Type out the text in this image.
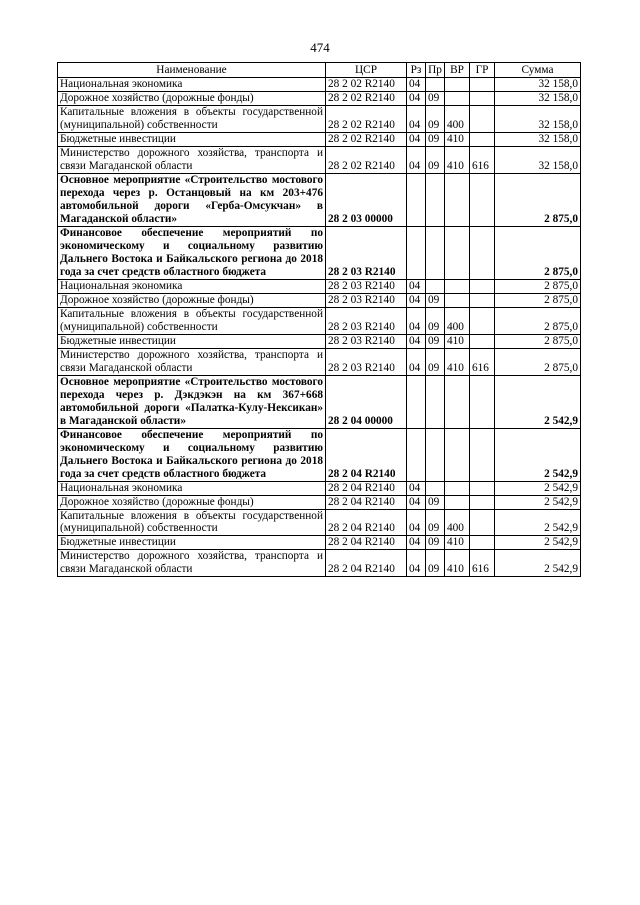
474
Наименование	ЦСР	Рз	Пр	ВР	ГР	Сумма
Национальная экономика	28 2 02 R2140	04				32 158,0
Дорожное хозяйство (дорожные фонды)	28 2 02 R2140	04	09			32 158,0
Капитальные вложения в объекты государственной (муниципальной) собственности	28 2 02 R2140	04	09	400		32 158,0
Бюджетные инвестиции	28 2 02 R2140	04	09	410		32 158,0
Министерство дорожного хозяйства, транспорта и связи Магаданской области	28 2 02 R2140	04	09	410	616	32 158,0
Основное мероприятие «Строительство мостового перехода через р. Останцовый на км 203+476 автомобильной дороги «Герба-Омсукчан» в Магаданской области»	28 2 03 00000					2 875,0
Финансовое обеспечение мероприятий по экономическому и социальному развитию Дальнего Востока и Байкальского региона до 2018 года за счет средств областного бюджета	28 2 03 R2140					2 875,0
Национальная экономика	28 2 03 R2140	04				2 875,0
Дорожное хозяйство (дорожные фонды)	28 2 03 R2140	04	09			2 875,0
Капитальные вложения в объекты государственной (муниципальной) собственности	28 2 03 R2140	04	09	400		2 875,0
Бюджетные инвестиции	28 2 03 R2140	04	09	410		2 875,0
Министерство дорожного хозяйства, транспорта и связи Магаданской области	28 2 03 R2140	04	09	410	616	2 875,0
Основное мероприятие «Строительство мостового перехода через р. Дэкдэкэн на км 367+668 автомобильной дороги «Палатка-Кулу-Нексикан» в Магаданской области»	28 2 04 00000					2 542,9
Финансовое обеспечение мероприятий по экономическому и социальному развитию Дальнего Востока и Байкальского региона до 2018 года за счет средств областного бюджета	28 2 04 R2140					2 542,9
Национальная экономика	28 2 04 R2140	04				2 542,9
Дорожное хозяйство (дорожные фонды)	28 2 04 R2140	04	09			2 542,9
Капитальные вложения в объекты государственной (муниципальной) собственности	28 2 04 R2140	04	09	400		2 542,9
Бюджетные инвестиции	28 2 04 R2140	04	09	410		2 542,9
Министерство дорожного хозяйства, транспорта и связи Магаданской области	28 2 04 R2140	04	09	410	616	2 542,9
